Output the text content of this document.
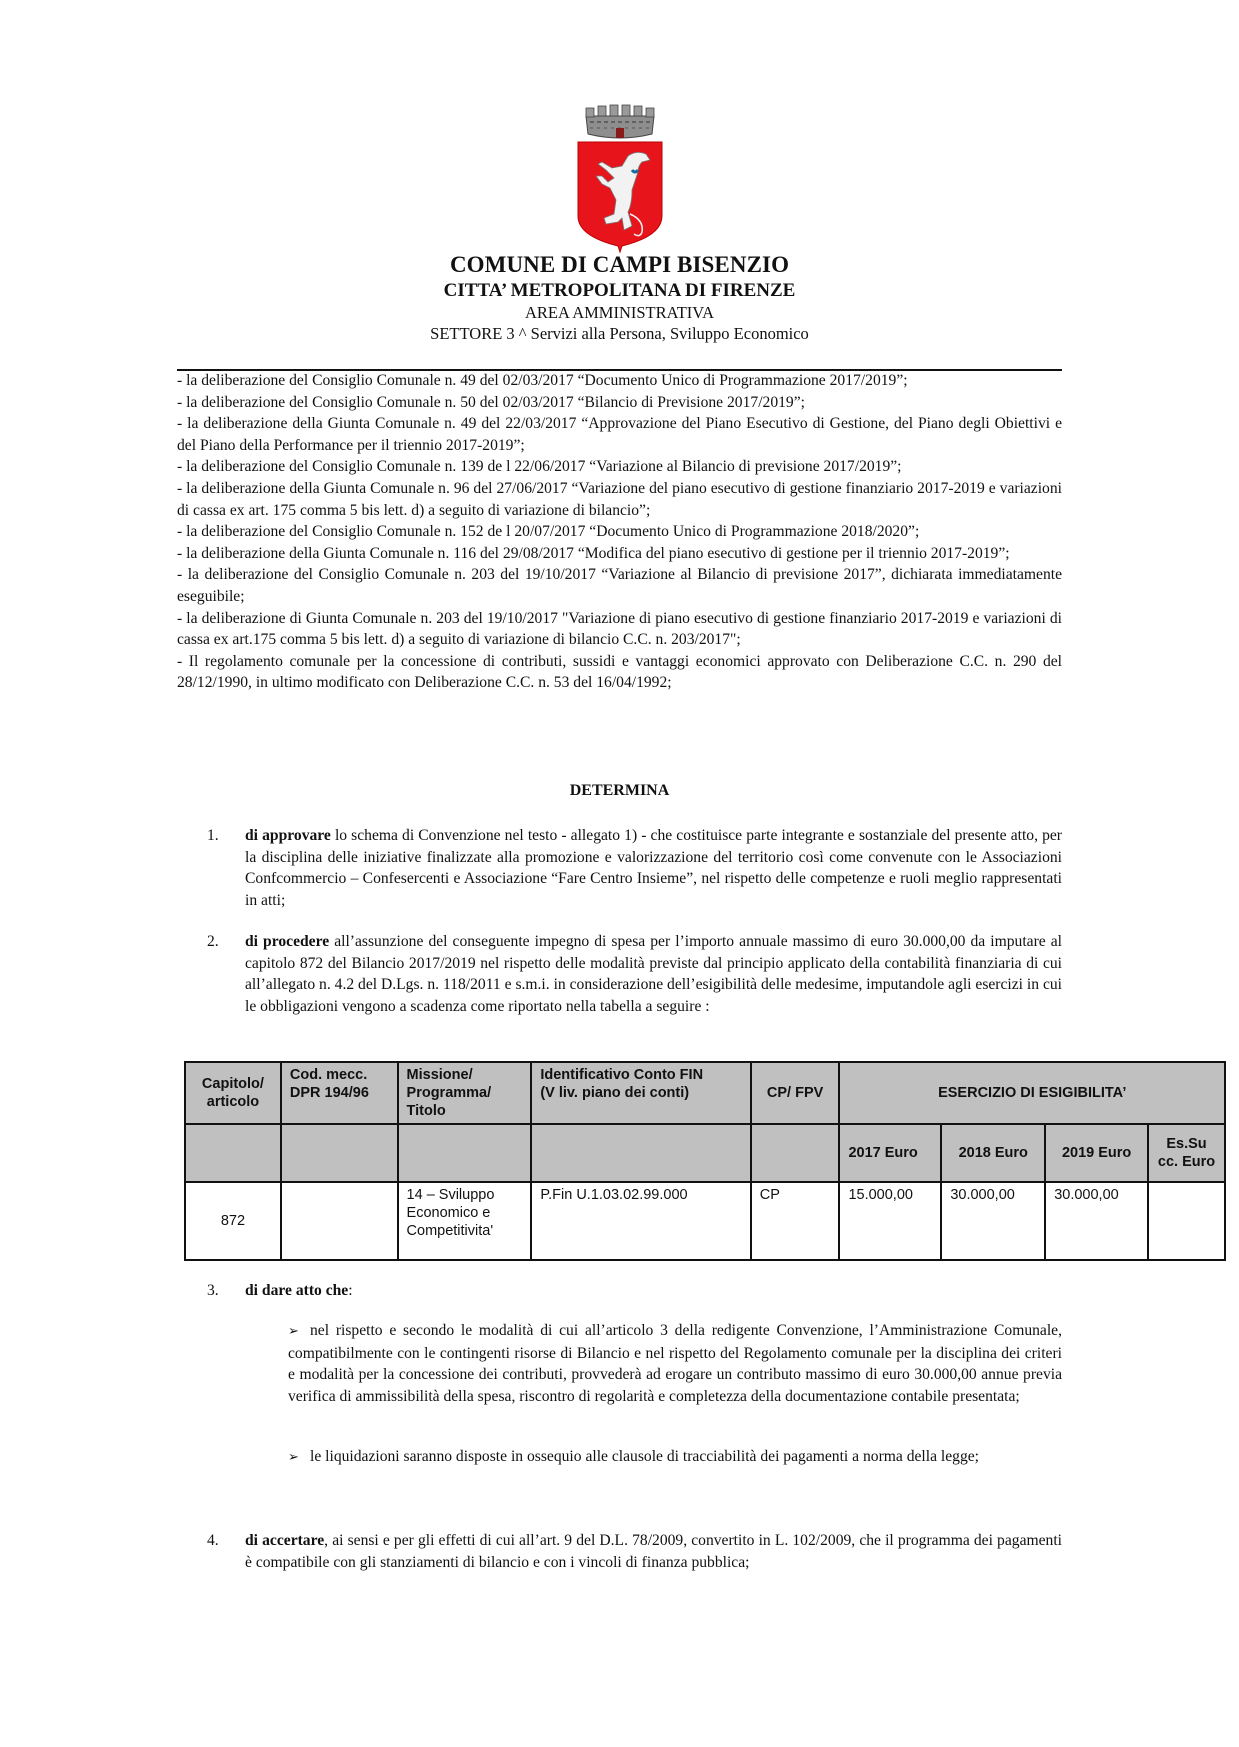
COMUNE DI CAMPI BISENZIO
CITTA’ METROPOLITANA DI FIRENZE
AREA AMMINISTRATIVA
SETTORE 3 ^ Servizi alla Persona, Sviluppo Economico

- la deliberazione del Consiglio Comunale n. 49 del 02/03/2017 “Documento Unico di Programmazione 2017/2019”;

- la deliberazione del Consiglio Comunale n. 50 del 02/03/2017 “Bilancio di Previsione 2017/2019”;

- la deliberazione della Giunta Comunale n. 49 del 22/03/2017 “Approvazione del Piano Esecutivo di Gestione, del Piano degli Obiettivi e del Piano della Performance per il triennio 2017-2019”;

- la deliberazione del Consiglio Comunale n. 139 de l 22/06/2017 “Variazione al Bilancio di previsione 2017/2019”;

- la deliberazione della Giunta Comunale n. 96 del 27/06/2017 “Variazione del piano esecutivo di gestione finanziario 2017-2019 e variazioni di cassa ex art. 175 comma 5 bis lett. d) a seguito di variazione di bilancio”;

- la deliberazione del Consiglio Comunale n. 152 de l 20/07/2017 “Documento Unico di Programmazione 2018/2020”;

- la deliberazione della Giunta Comunale n. 116 del 29/08/2017 “Modifica del piano esecutivo di gestione per il triennio 2017-2019”;

- la deliberazione del Consiglio Comunale n. 203 del 19/10/2017 “Variazione al Bilancio di previsione 2017”, dichiarata immediatamente eseguibile;

- la deliberazione di Giunta Comunale n. 203 del 19/10/2017 "Variazione di piano esecutivo di gestione finanziario 2017-2019 e variazioni di cassa ex art.175 comma 5 bis lett. d) a seguito di variazione di bilancio C.C. n. 203/2017";

- Il regolamento comunale per la concessione di contributi, sussidi e vantaggi economici approvato con Deliberazione C.C. n. 290 del 28/12/1990, in ultimo modificato con Deliberazione C.C. n. 53 del 16/04/1992;

DETERMINA
1. di approvare lo schema di Convenzione nel testo - allegato 1) - che costituisce parte integrante e sostanziale del presente atto, per la disciplina delle iniziative finalizzate alla promozione e valorizzazione del territorio così come convenute con le Associazioni Confcommercio – Confesercenti e Associazione “Fare Centro Insieme”, nel rispetto delle competenze e ruoli meglio rappresentati in atti;

2. di procedere all’assunzione del conseguente impegno di spesa per l’importo annuale massimo di euro 30.000,00 da imputare al capitolo 872 del Bilancio 2017/2019 nel rispetto delle modalità previste dal principio applicato della contabilità finanziaria di cui all’allegato n. 4.2 del D.Lgs. n. 118/2011 e s.m.i. in considerazione dell’esigibilità delle medesime, imputandole agli esercizi in cui le obbligazioni vengono a scadenza come riportato nella tabella a seguire :

Capitolo/ articolo	Cod. mecc. DPR 194/96	Missione/ Programma/ Titolo	Identificativo Conto FIN
(V liv. piano dei conti)	CP/ FPV	ESERCIZIO DI ESIGIBILITA’			
					2017 Euro	2018 Euro	2019 Euro	Es.Su cc. Euro
872		14 – Sviluppo Economico e Competitivita'	P.Fin U.1.03.02.99.000	CP	15.000,00	30.000,00	30.000,00	
3. di dare atto che:

➢ nel rispetto e secondo le modalità di cui all’articolo 3 della redigente Convenzione, l’Amministrazione Comunale, compatibilmente con le contingenti risorse di Bilancio e nel rispetto del Regolamento comunale per la disciplina dei criteri e modalità per la concessione dei contributi, provvederà ad erogare un contributo massimo di euro 30.000,00 annue previa verifica di ammissibilità della spesa, riscontro di regolarità e completezza della documentazione contabile presentata;
➢ le liquidazioni saranno disposte in ossequio alle clausole di tracciabilità dei pagamenti a norma della legge;
4. di accertare, ai sensi e per gli effetti di cui all’art. 9 del D.L. 78/2009, convertito in L. 102/2009, che il programma dei pagamenti è compatibile con gli stanziamenti di bilancio e con i vincoli di finanza pubblica;
